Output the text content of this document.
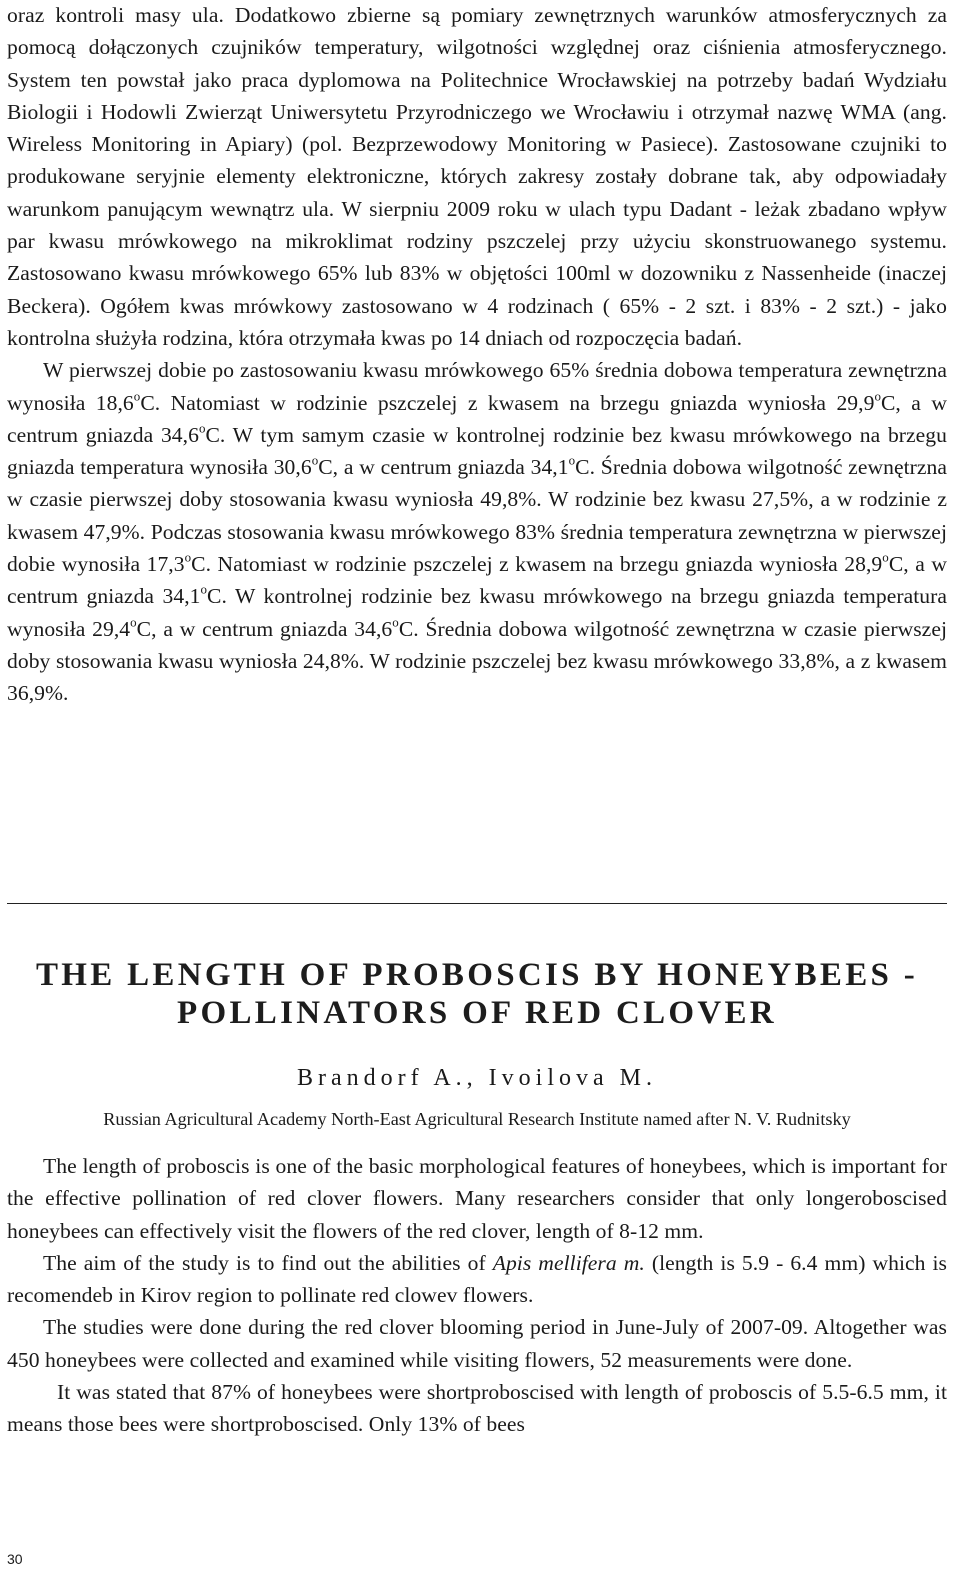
oraz kontroli masy ula. Dodatkowo zbierne są pomiary zewnętrznych warunków atmosferycznych za pomocą dołączonych czujników temperatury, wilgotności względnej oraz ciśnienia atmosferycznego. System ten powstał jako praca dyplomowa na Politechnice Wrocławskiej na potrzeby badań Wydziału Biologii i Hodowli Zwierząt Uniwersytetu Przyrodniczego we Wrocławiu i otrzymał nazwę WMA (ang. Wireless Monitoring in Apiary) (pol. Bezprzewodowy Monitoring w Pasiece). Zastosowane czujniki to produkowane seryjnie elementy elektroniczne, których zakresy zostały dobrane tak, aby odpowiadały warunkom panującym wewnątrz ula. W sierpniu 2009 roku w ulach typu Dadant - leżak zbadano wpływ par kwasu mrówkowego na mikroklimat rodziny pszczelej przy użyciu skonstruowanego systemu. Zastosowano kwasu mrówkowego 65% lub 83% w objętości 100ml w dozowniku z Nassenheide (inaczej Beckera). Ogółem kwas mrówkowy zastosowano w 4 rodzinach ( 65% - 2 szt. i 83% - 2 szt.) - jako kontrolna służyła rodzina, która otrzymała kwas po 14 dniach od rozpoczęcia badań.

W pierwszej dobie po zastosowaniu kwasu mrówkowego 65% średnia dobowa temperatura zewnętrzna wynosiła 18,6$^o$C. Natomiast w rodzinie pszczelej z kwasem na brzegu gniazda wyniosła 29,9$^o$C, a w centrum gniazda 34,6$^o$C. W tym samym czasie w kontrolnej rodzinie bez kwasu mrówkowego na brzegu gniazda temperatura wynosiła 30,6$^o$C, a w centrum gniazda 34,1$^o$C. Średnia dobowa wilgotność zewnętrzna w czasie pierwszej doby stosowania kwasu wyniosła 49,8%. W rodzinie bez kwasu 27,5%, a w rodzinie z kwasem 47,9%. Podczas stosowania kwasu mrówkowego 83% średnia temperatura zewnętrzna w pierwszej dobie wynosiła 17,3$^o$C. Natomiast w rodzinie pszczelej z kwasem na brzegu gniazda wyniosła 28,9$^o$C, a w centrum gniazda 34,1$^o$C. W kontrolnej rodzinie bez kwasu mrówkowego na brzegu gniazda temperatura wynosiła 29,4$^o$C, a w centrum gniazda 34,6$^o$C. Średnia dobowa wilgotność zewnętrzna w czasie pierwszej doby stosowania kwasu wyniosła 24,8%. W rodzinie pszczelej bez kwasu mrówkowego 33,8%, a z kwasem 36,9%.

THE LENGTH OF PROBOSCIS BY HONEYBEES -
POLLINATORS OF RED CLOVER
Brandorf A., Ivoilova M.
Russian Agricultural Academy North-East Agricultural Research Institute named after N. V. Rudnitsky

The length of proboscis is one of the basic morphological features of honeybees, which is important for the effective pollination of red clover flowers. Many researchers consider that only longeroboscised honeybees can effectively visit the flowers of the red clover, length of 8-12 mm.

The aim of the study is to find out the abilities of Apis mellifera m. (length is 5.9 - 6.4 mm) which is recomendeb in Kirov region to pollinate red clowev flowers.

The studies were done during the red clover blooming period in June-July of 2007-09. Altogether was 450 honeybees were collected and examined while visiting flowers, 52 measurements were done.

It was stated that 87% of honeybees were shortproboscised with length of proboscis of 5.5-6.5 mm, it means those bees were shortproboscised. Only 13% of bees

30
